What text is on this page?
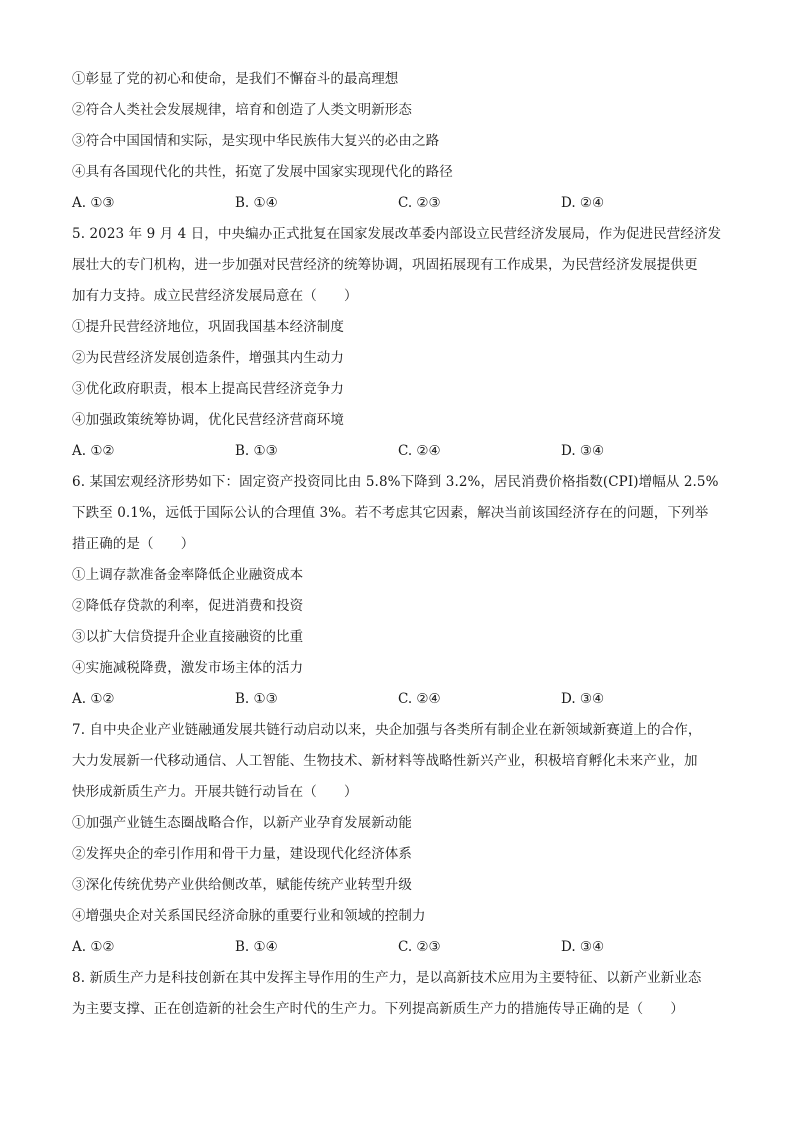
①彰显了党的初心和使命，是我们不懈奋斗的最高理想
②符合人类社会发展规律，培育和创造了人类文明新形态
③符合中国国情和实际，是实现中华民族伟大复兴的必由之路
④具有各国现代化的共性，拓宽了发展中国家实现现代化的路径
A. ①③	B. ①④	C. ②③	D. ②④
5. 2023 年 9 月 4 日，中央编办正式批复在国家发展改革委内部设立民营经济发展局，作为促进民营经济发
展壮大的专门机构，进一步加强对民营经济的统筹协调，巩固拓展现有工作成果，为民营经济发展提供更
加有力支持。成立民营经济发展局意在（　　）
①提升民营经济地位，巩固我国基本经济制度
②为民营经济发展创造条件，增强其内生动力
③优化政府职责，根本上提高民营经济竞争力
④加强政策统筹协调，优化民营经济营商环境
A. ①②	B. ①③	C. ②④	D. ③④
6. 某国宏观经济形势如下：固定资产投资同比由 5.8%下降到 3.2%，居民消费价格指数(CPI)增幅从 2.5%
下跌至 0.1%，远低于国际公认的合理值 3%。若不考虑其它因素，解决当前该国经济存在的问题，下列举
措正确的是（　　）
①上调存款准备金率降低企业融资成本
②降低存贷款的利率，促进消费和投资
③以扩大信贷提升企业直接融资的比重
④实施减税降费，激发市场主体的活力
A. ①②	B. ①③	C. ②④	D. ③④
7. 自中央企业产业链融通发展共链行动启动以来，央企加强与各类所有制企业在新领域新赛道上的合作，
大力发展新一代移动通信、人工智能、生物技术、新材料等战略性新兴产业，积极培育孵化未来产业，加
快形成新质生产力。开展共链行动旨在（　　）
①加强产业链生态圈战略合作，以新产业孕育发展新动能
②发挥央企的牵引作用和骨干力量，建设现代化经济体系
③深化传统优势产业供给侧改革，赋能传统产业转型升级
④增强央企对关系国民经济命脉的重要行业和领域的控制力
A. ①②	B. ①④	C. ②③	D. ③④
8. 新质生产力是科技创新在其中发挥主导作用的生产力，是以高新技术应用为主要特征、以新产业新业态
为主要支撑、正在创造新的社会生产时代的生产力。下列提高新质生产力的措施传导正确的是（　　）
